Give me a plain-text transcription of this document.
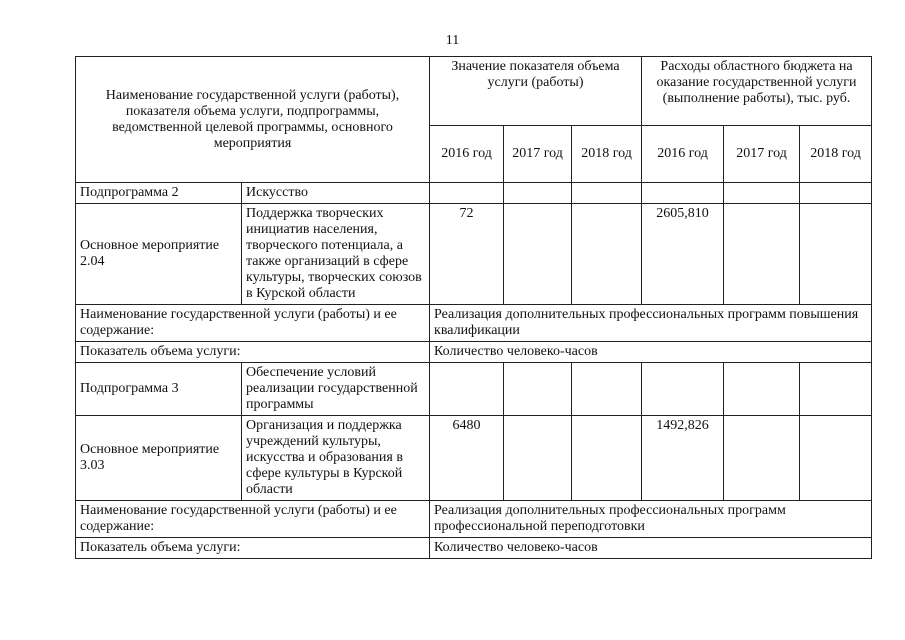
11
Наименование государственной услуги (работы), показателя объема услуги, подпрограммы, ведомственной целевой программы, основного мероприятия		Значение показателя объема услуги (работы)			Расходы областного бюджета на оказание государственной услуги (выполнение работы), тыс. руб.		
		2016 год	2017 год	2018 год	2016 год	2017 год	2018 год
Подпрограмма 2	Искусство						
Основное мероприятие 2.04	Поддержка творческих инициатив населения, творческого потенциала, а также организаций в сфере культуры, творческих союзов в Курской области	72			2605,810		
Наименование государственной услуги (работы) и ее содержание:		Реализация дополнительных профессиональных программ повышения квалификации					
Показатель объема услуги:		Количество человеко-часов					
Подпрограмма 3	Обеспечение условий реализации государственной программы						
Основное мероприятие 3.03	Организация и поддержка учреждений культуры, искусства и образования в сфере культуры в Курской области	6480			1492,826		
Наименование государственной услуги (работы) и ее содержание:		Реализация дополнительных профессиональных программ профессиональной переподготовки					
Показатель объема услуги:		Количество человеко-часов					
